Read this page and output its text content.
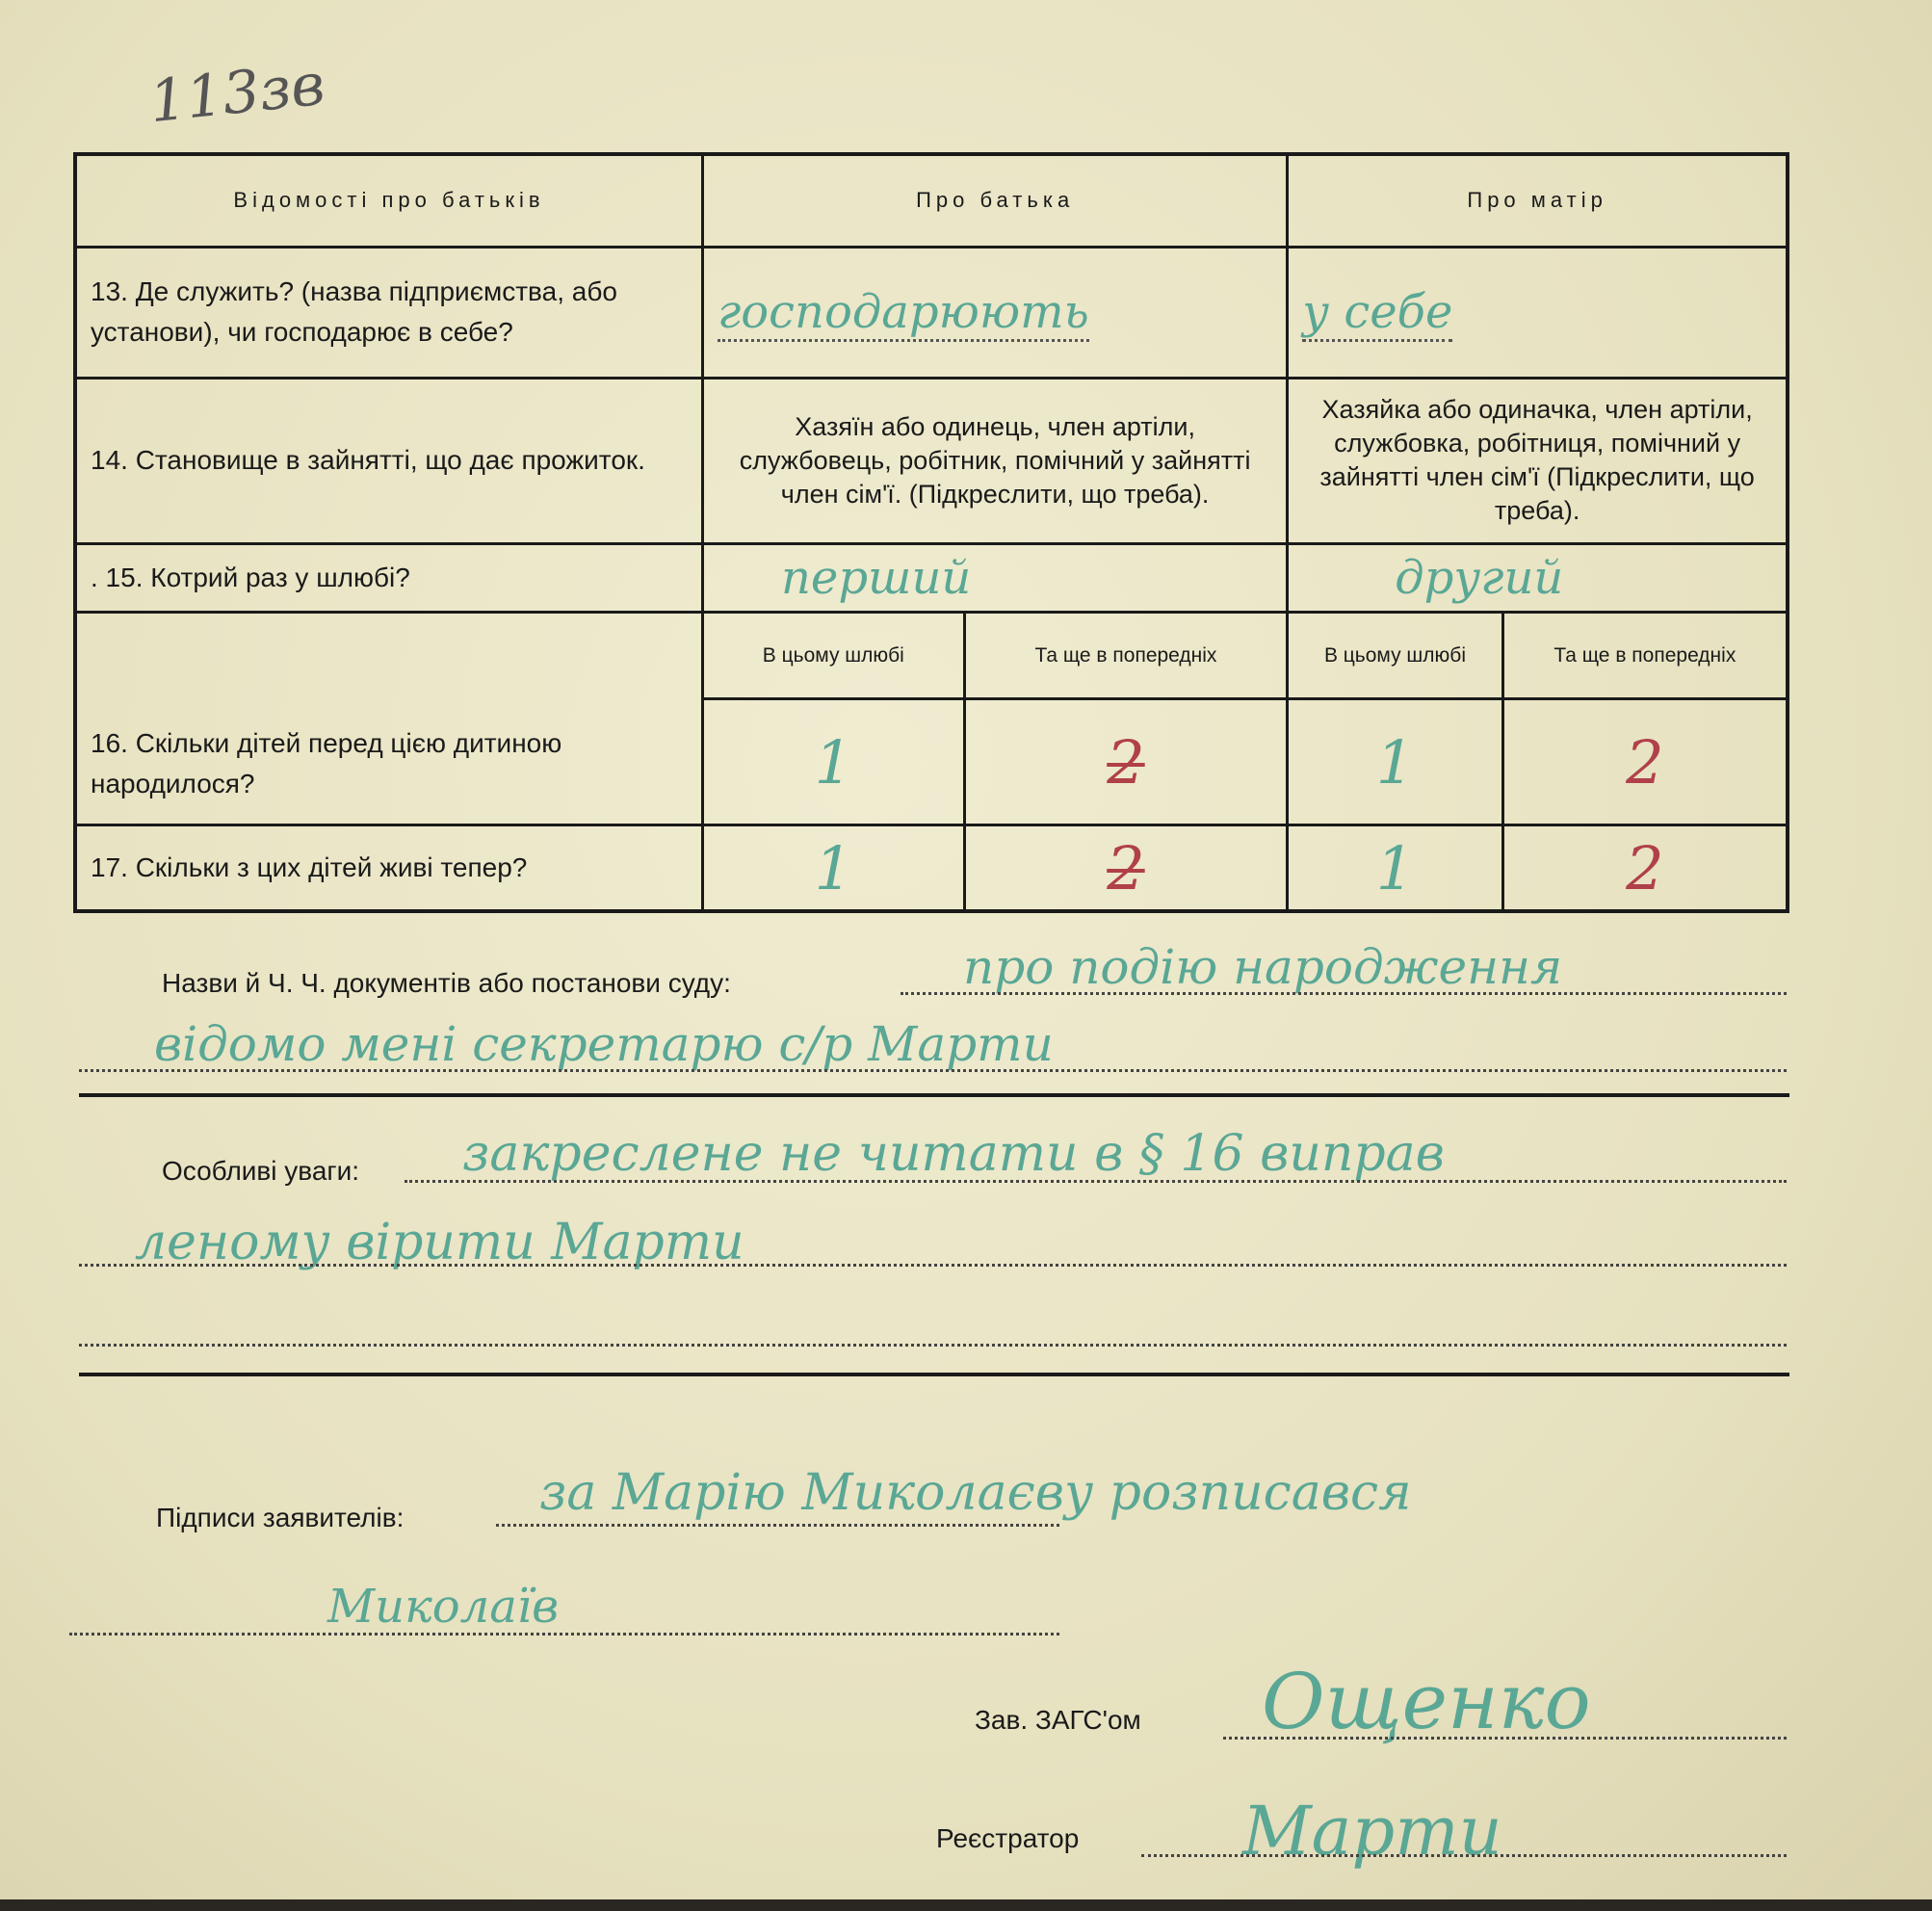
113зв
Відомості про батьків	Про батька		Про матір	
13. Де служить? (назва підприємства, або установи), чи господарює в себе?	господарюють		у себе	
14. Становище в зайнятті, що дає прожиток.	Хазяїн або одинець, член артіли, службовець, робітник, помічний у зайнятті член сім'ї. (Підкреслити, що треба).		Хазяйка або одиначка, член артіли, службовка, робітниця, помічний у зайнятті член сім'ї (Підкреслити, що треба).	
. 15. Котрий раз у шлюбі?	перший		другий	
16. Скільки дітей перед цією дитиною народилося?	В цьому шлюбі	Та ще в попередніх	В цьому шлюбі	Та ще в попередніх
	1	2	1	2
17. Скільки з цих дітей живі тепер?	1	2	1	2
Назви й Ч. Ч. документів або постанови суду:	про подію народження
відомо мені секретарю с/р Марти
Особливі уваги: закреслене не читати в § 16 виправ
леному вірити Марти
Підписи заявителів:	за Марію Миколаєву розписався
Миколаїв
Зав. ЗАГС'ом Ощенко
Реєстратор Марти
